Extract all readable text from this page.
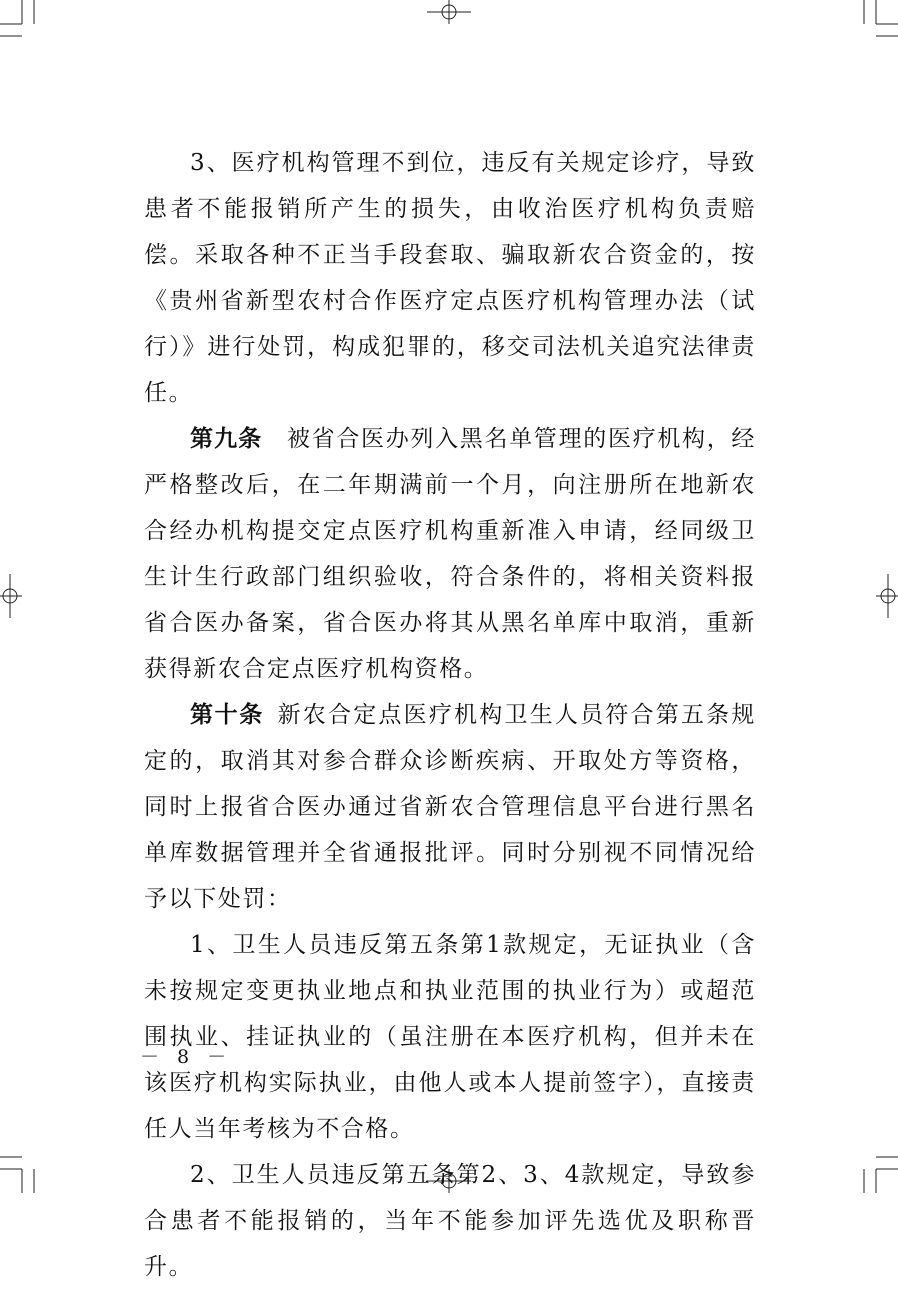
3、医疗机构管理不到位，违反有关规定诊疗，导致患者不能报销所产生的损失，由收治医疗机构负责赔偿。采取各种不正当手段套取、骗取新农合资金的，按《贵州省新型农村合作医疗定点医疗机构管理办法（试行）》进行处罚，构成犯罪的，移交司法机关追究法律责任。

第九条  被省合医办列入黑名单管理的医疗机构，经严格整改后，在二年期满前一个月，向注册所在地新农合经办机构提交定点医疗机构重新准入申请，经同级卫生计生行政部门组织验收，符合条件的，将相关资料报省合医办备案，省合医办将其从黑名单库中取消，重新获得新农合定点医疗机构资格。

第十条  新农合定点医疗机构卫生人员符合第五条规定的，取消其对参合群众诊断疾病、开取处方等资格，同时上报省合医办通过省新农合管理信息平台进行黑名单库数据管理并全省通报批评。同时分别视不同情况给予以下处罚：

1、卫生人员违反第五条第1款规定，无证执业（含未按规定变更执业地点和执业范围的执业行为）或超范围执业、挂证执业的（虽注册在本医疗机构，但并未在该医疗机构实际执业，由他人或本人提前签字），直接责任人当年考核为不合格。

2、卫生人员违反第五条第2、3、4款规定，导致参合患者不能报销的，当年不能参加评先选优及职称晋升。

－ 8 －
